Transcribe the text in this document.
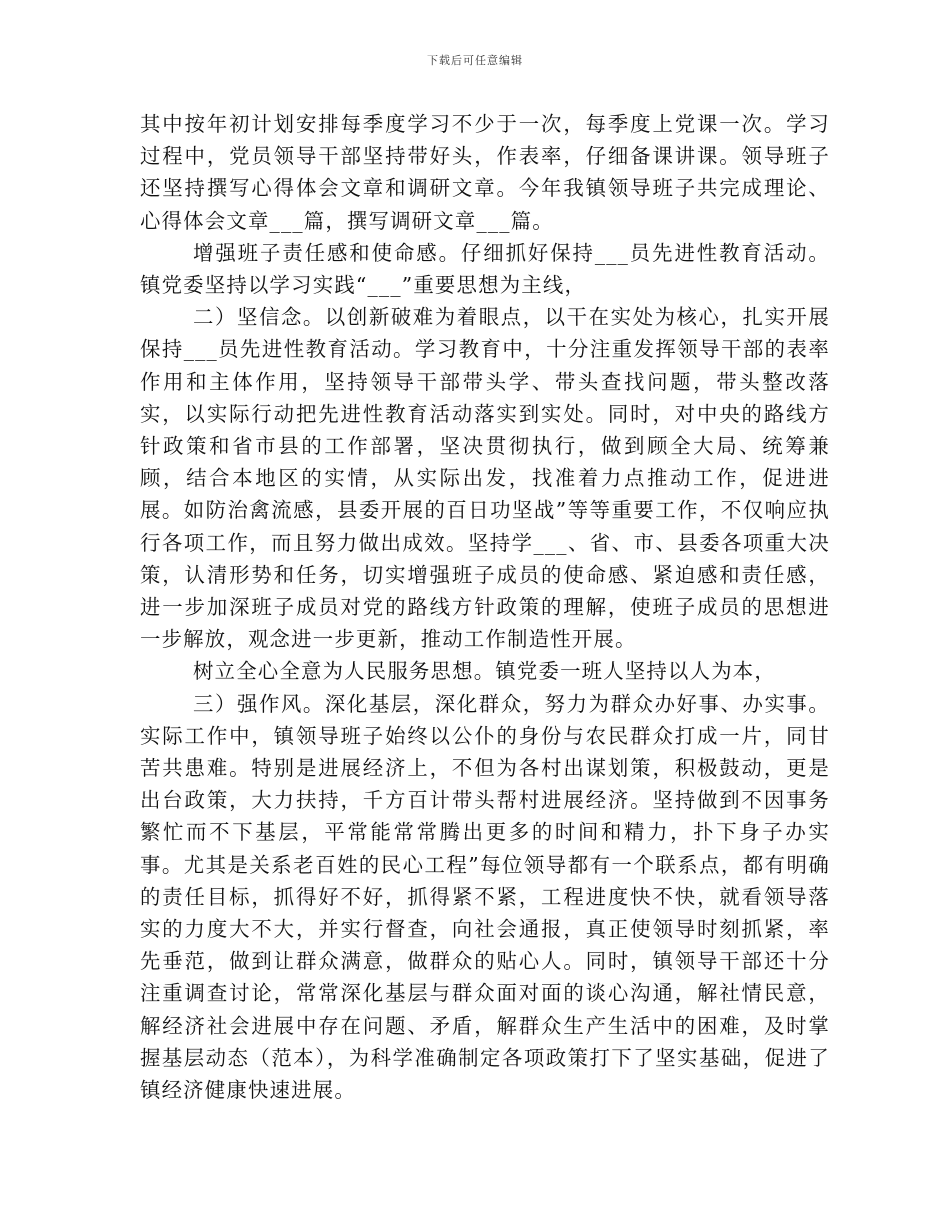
下载后可任意编辑

其中按年初计划安排每季度学习不少于一次，每季度上党课一次。学习过程中，党员领导干部坚持带好头，作表率，仔细备课讲课。领导班子还坚持撰写心得体会文章和调研文章。今年我镇领导班子共完成理论、心得体会文章___篇，撰写调研文章___篇。

增强班子责任感和使命感。仔细抓好保持___员先进性教育活动。镇党委坚持以学习实践“___”重要思想为主线，

二）坚信念。以创新破难为着眼点，以干在实处为核心，扎实开展保持___员先进性教育活动。学习教育中，十分注重发挥领导干部的表率作用和主体作用，坚持领导干部带头学、带头查找问题，带头整改落实，以实际行动把先进性教育活动落实到实处。同时，对中央的路线方针政策和省市县的工作部署，坚决贯彻执行，做到顾全大局、统筹兼顾，结合本地区的实情，从实际出发，找准着力点推动工作，促进进展。如防治禽流感，县委开展的百日功坚战”等等重要工作，不仅响应执行各项工作，而且努力做出成效。坚持学___、省、市、县委各项重大决策，认清形势和任务，切实增强班子成员的使命感、紧迫感和责任感，进一步加深班子成员对党的路线方针政策的理解，使班子成员的思想进一步解放，观念进一步更新，推动工作制造性开展。

树立全心全意为人民服务思想。镇党委一班人坚持以人为本，

三）强作风。深化基层，深化群众，努力为群众办好事、办实事。实际工作中，镇领导班子始终以公仆的身份与农民群众打成一片，同甘苦共患难。特别是进展经济上，不但为各村出谋划策，积极鼓动，更是出台政策，大力扶持，千方百计带头帮村进展经济。坚持做到不因事务繁忙而不下基层，平常能常常腾出更多的时间和精力，扑下身子办实事。尤其是关系老百姓的民心工程”每位领导都有一个联系点，都有明确的责任目标，抓得好不好，抓得紧不紧，工程进度快不快，就看领导落实的力度大不大，并实行督查，向社会通报，真正使领导时刻抓紧，率先垂范，做到让群众满意，做群众的贴心人。同时，镇领导干部还十分注重调查讨论，常常深化基层与群众面对面的谈心沟通，解社情民意，解经济社会进展中存在问题、矛盾，解群众生产生活中的困难，及时掌握基层动态（范本），为科学准确制定各项政策打下了坚实基础，促进了镇经济健康快速进展。
